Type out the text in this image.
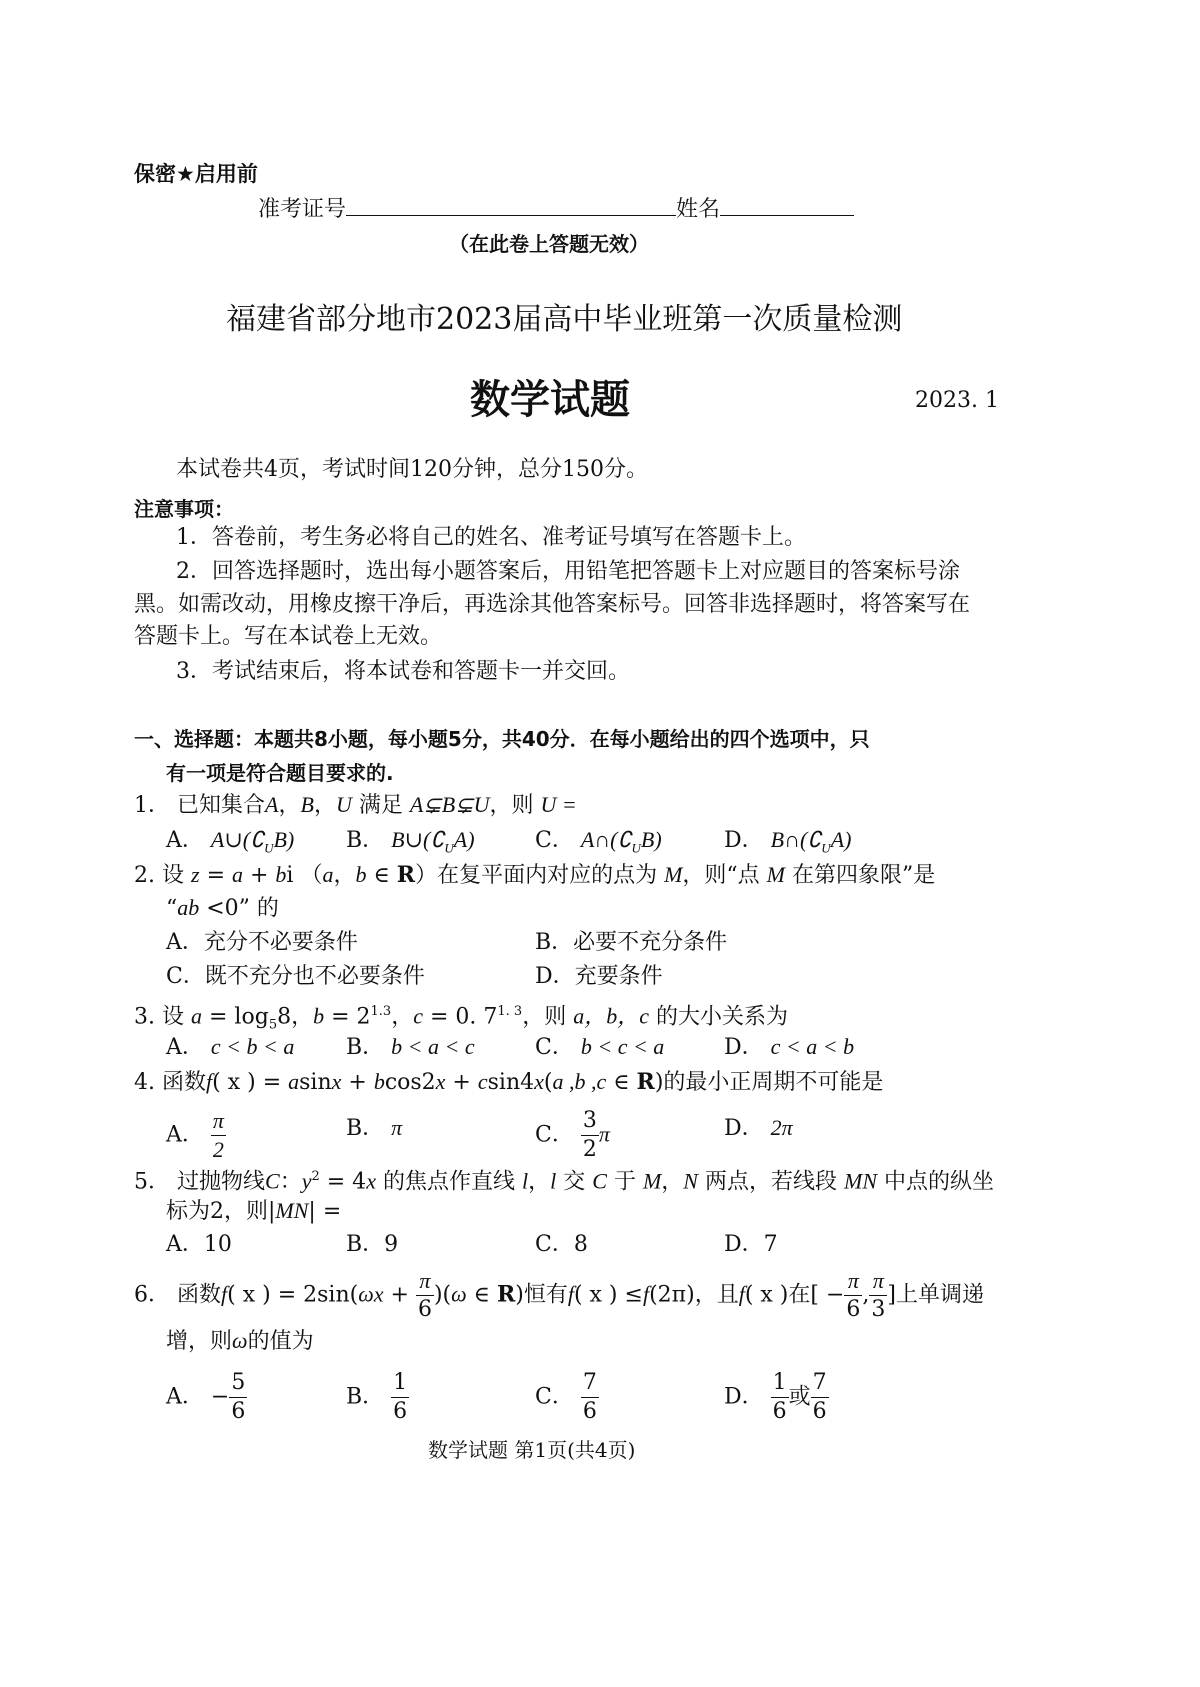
保密★启用前
准考证号	姓名
（在此卷上答题无效）
福建省部分地市2023届高中毕业班第一次质量检测
数学试题	2023. 1
本试卷共4页，考试时间120分钟，总分150分。
注意事项：
1．答卷前，考生务必将自己的姓名、准考证号填写在答题卡上。
2．回答选择题时，选出每小题答案后，用铅笔把答题卡上对应题目的答案标号涂
黑。如需改动，用橡皮擦干净后，再选涂其他答案标号。回答非选择题时，将答案写在
答题卡上。写在本试卷上无效。
3．考试结束后，将本试卷和答题卡一并交回。
一、选择题：本题共8小题，每小题5分，共40分．在每小题给出的四个选项中，只
有一项是符合题目要求的.
1． 已知集合A，B，U 满足 A⊊B⊊U，则 U =
A． $A\cup(∁_UB)$ B． $B\cup(∁_UA)$	C． $A\cap(∁_UB)$	D． $B\cap(∁_UA)$
2. 设 z = a + bi （a，b ∈ R）在复平面内对应的点为 M，则“点 M 在第四象限”是
“ab <0” 的
A．充分不必要条件	B．必要不充分条件
C．既不充分也不必要条件	D．充要条件
3. 设 $a = \log_58$，$b = 2^{1.3}$，c = 0. $7^{1. 3}$，则 a，b，c 的大小关系为
A． c < b < a B． b < a < c	C． b < c < a	D． c < a < b
4. 函数f( x ) = asinx + bcos2x + csin4x(a ,b ,c ∈ R)的最小正周期不可能是
A． $\frac{\pi}{2}$	B． π	C． $\frac{3}{2}$ π	D． 2π
5． 过抛物线C：$y^2 = 4x$ 的焦点作直线 l，l 交 C 于 M，N 两点，若线段 MN 中点的纵坐
标为2，则|MN| =
A．10	B．9	C．8	D．7
6． 函数f( x ) = $2\sin(\omega x + \frac{\pi}{6} )(\omega$ ∈ R)恒有f( x ) ≤f(2π)，且f( x )在[ − $\frac{\pi}{6}$ , $\frac{\pi}{3}$ ]上单调递
增，则ω的值为
A． − $\frac{5}{6}$	B． $\frac{1}{6}$	C． $\frac{7}{6}$	D． $\frac{1}{6}$ 或 $\frac{7}{6}$
数学试题 第1页(共4页)
